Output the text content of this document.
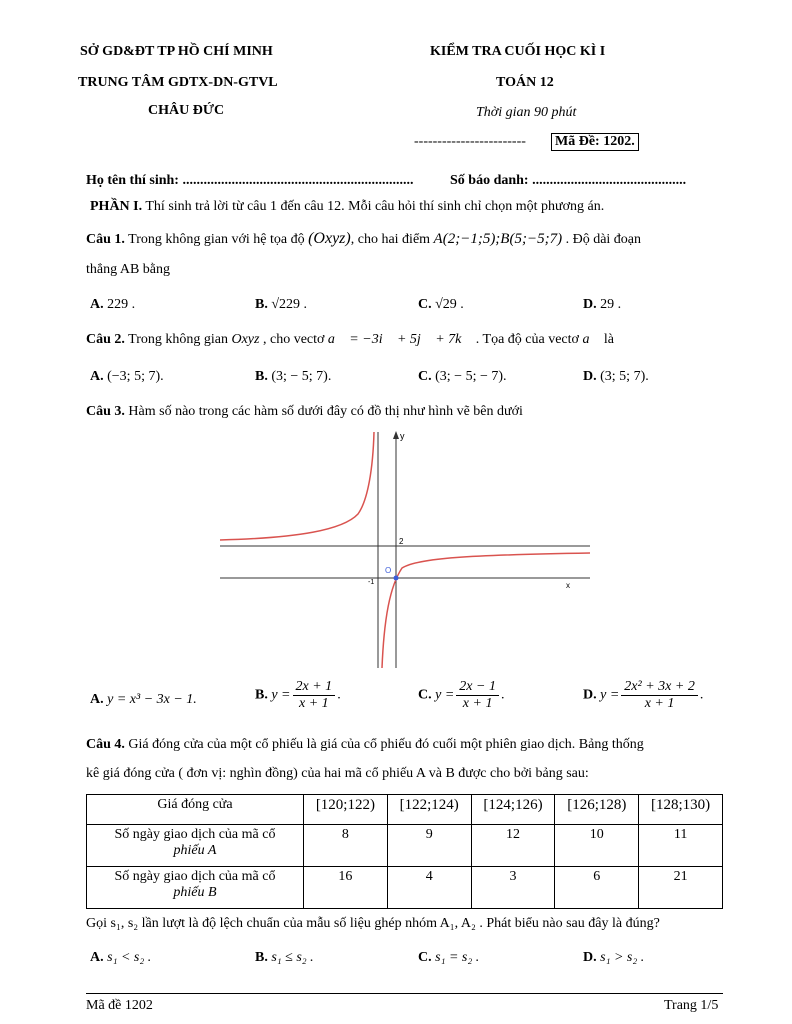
SỞ GD&ĐT TP HỒ CHÍ MINH
TRUNG TÂM GDTX-DN-GTVL
CHÂU ĐỨC
KIỂM TRA CUỐI HỌC KÌ I
TOÁN 12
Thời gian 90 phút
------------------------ Mã Đề: 1202.
Họ tên thí sinh: ..................................................................	Số báo danh: ............................................
PHẦN I. Thí sinh trả lời từ câu 1 đến câu 12. Mỗi câu hỏi thí sinh chỉ chọn một phương án.
Câu 1. Trong không gian với hệ tọa độ (Oxyz), cho hai điểm A(2;−1;5);B(5;−5;7) . Độ dài đoạn
thẳng AB bằng
A. 229 .	B. √229 .	C. √29 .	D. 29 .
Câu 2. Trong không gian Oxyz , cho vectơ a⃗ = −3i⃗ + 5j⃗ + 7k⃗ . Tọa độ của vectơ a⃗ là
A. (−3; 5; 7).	B. (3; − 5; 7).	C. (3; − 5; − 7).	D. (3; 5; 7).
Câu 3. Hàm số nào trong các hàm số dưới đây có đồ thị như hình vẽ bên dưới
y
x
2
-1
O
A. y = x³ − 3x − 1.	B. $y = \frac{2x + 1}{x + 1}$ .	C. $y = \frac{2x - 1}{x + 1}$ .	D. $y = \frac{\text{2x² + 3x + 2}}{x + 1}$ .
Câu 4. Giá đóng cửa của một cổ phiếu là giá của cổ phiếu đó cuối một phiên giao dịch. Bảng thống
kê giá đóng cửa ( đơn vị: nghìn đồng) của hai mã cổ phiếu A và B được cho bởi bảng sau:
Giá đóng cửa	[120;122)	[122;124)	[124;126)	[126;128)	[128;130)
Số ngày giao dịch của mã cổ
phiếu A	8	9	12	10	11
Số ngày giao dịch của mã cổ
phiếu B	16	4	3	6	21
Gọi s₁, s₂ lần lượt là độ lệch chuẩn của mẫu số liệu ghép nhóm A₁, A₂ . Phát biểu nào sau đây là đúng?
A. s₁ < s₂ .	B. s₁ ≤ s₂ .	C. s₁ = s₂ .	D. s₁ > s₂ .
Mã đề 1202	Trang 1/5
